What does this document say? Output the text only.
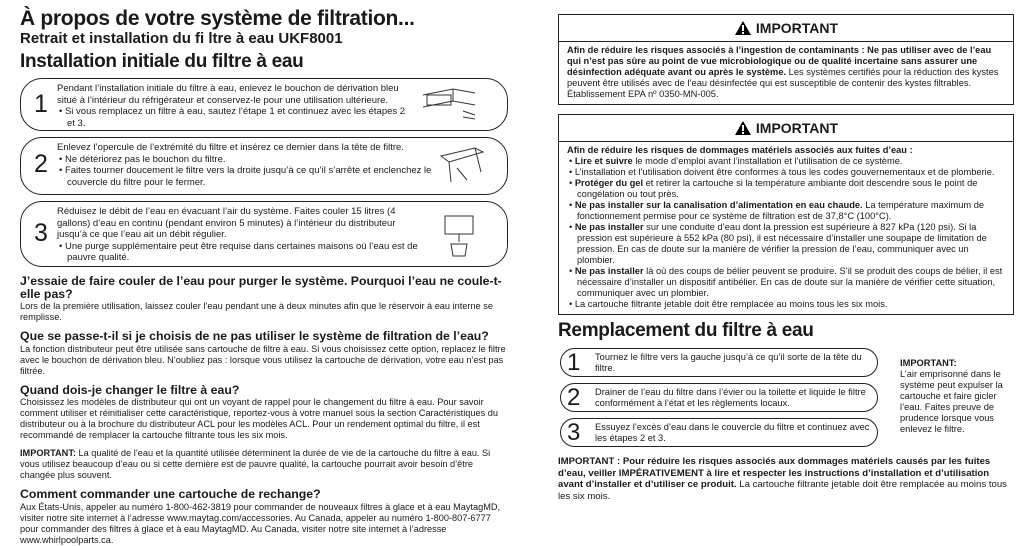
À propos de votre système de filtration...
Retrait et installation du fi ltre à eau UKF8001
Installation initiale du filtre à eau
1

Pendant l’installation initiale du filtre à eau, enlevez le bouchon de dérivation bleu situé à l’intérieur du réfrigérateur et conservez-le pour une utilisation ultérieure.

• Si vous remplacez un filtre à eau, sautez l’étape 1 et continuez avec les étapes 2 et 3.

2

Enlevez l’opercule de l’extrémité du filtre et insérez ce dernier dans la tête de filtre.

• Ne détériorez pas le bouchon du filtre.

• Faites tourner doucement le filtre vers la droite jusqu’à ce qu’il s’arrête et enclenchez le couvercle du filtre pour le fermer.

3

Réduisez le débit de l’eau en évacuant l’air du système. Faites couler 15 litres (4 gallons) d’eau en continu (pendant environ 5 minutes) à l’intérieur du distributeur jusqu’à ce que l’eau ait un débit régulier.

• Une purge supplémentaire peut être requise dans certaines maisons où l’eau est de pauvre qualité.

J’essaie de faire couler de l’eau pour purger le système. Pourquoi l’eau ne coule-t-elle pas?

Lors de la première utilisation, laissez couler l’eau pendant une à deux minutes afin que le réservoir à eau interne se remplisse.

Que se passe-t-il si je choisis de ne pas utiliser le système de filtration de l’eau?

La fonction distributeur peut être utilisée sans cartouche de filtre à eau. Si vous choisissez cette option, replacez le filtre avec le bouchon de dérivation bleu. N’oubliez pas : lorsque vous utilisez la cartouche de dérivation, votre eau n’est pas filtrée.

Quand dois-je changer le filtre à eau?

Choisissez les modèles de distributeur qui ont un voyant de rappel pour le changement du filtre à eau. Pour savoir comment utiliser et réinitialiser cette caractéristique, reportez-vous à votre manuel sous la section Caractéristiques du distributeur ou à la brochure du distributeur ACL pour les modèles ACL. Pour un rendement optimal du filtre, il est recommandé de remplacer la cartouche filtrante tous les six mois.

IMPORTANT: La qualité de l’eau et la quantité utilisée déterminent la durée de vie de la cartouche du filtre à eau. Si vous utilisez beaucoup d’eau ou si cette dernière est de pauvre qualité, la cartouche pourrait avoir besoin d’être changée plus souvent.

Comment commander une cartouche de rechange?

Aux États-Unis, appeler au numéro 1-800-462-3819 pour commander de nouveaux filtres à glace et à eau MaytagMD, visiter notre site internet à l’adresse www.maytag.com/accessories. Au Canada, appeler au numéro 1-800-807-6777 pour commander des filtres à glace et à eau MaytagMD. Au Canada, visiter notre site internet à l’adresse www.whirlpoolparts.ca.

IMPORTANT

Afin de réduire les risques associés à l’ingestion de contaminants : Ne pas utiliser avec de l’eau qui n’est pas sûre au point de vue microbiologique ou de qualité incertaine sans assurer une désinfection adéquate avant ou après le système. Les systèmes certifiés pour la réduction des kystes peuvent être utilisés avec de l’eau désinfectée qui est susceptible de contenir des kystes filtrables. Établissement EPA nº 0350-MN-005.

IMPORTANT

Afin de réduire les risques de dommages matériels associés aux fuites d’eau :

• Lire et suivre le mode d’emploi avant l’installation et l’utilisation de ce système.

• L’installation et l’utilisation doivent être conformes à tous les codes gouvernementaux et de plomberie.

• Protéger du gel et retirer la cartouche si la température ambiante doit descendre sous le point de congélation ou tout près.

• Ne pas installer sur la canalisation d’alimentation en eau chaude. La température maximum de fonctionnement permise pour ce système de filtration est de 37,8°C (100°C).

• Ne pas installer sur une conduite d’eau dont la pression est supérieure à 827 kPa (120 psi). Si la pression est supérieure à 552 kPa (80 psi), il est nécessaire d’installer une soupape de limitation de pression. En cas de doute sur la manière de vérifier la pression de l’eau, communiquer avec un plombier.

• Ne pas installer là où des coups de bélier peuvent se produire. S’il se produit des coups de bélier, il est nécessaire d’installer un dispositif antibélier. En cas de doute sur la manière de vérifier cette situation, communiquer avec un plombier.

• La cartouche filtrante jetable doit être remplacée au moins tous les six mois.

Remplacement du filtre à eau
1 Tournez le filtre vers la gauche jusqu’à ce qu’il sorte de la tête du filtre.
2 Drainer de l’eau du filtre dans l’évier ou la toilette et liquide le filtre conformément à l’état et les règlements locaux.
3 Essuyez l’excès d’eau dans le couvercle du filtre et continuez avec les étapes 2 et 3.
IMPORTANT:
L’air emprisonné dans le système peut expulser la cartouche et faire gicler l’eau. Faites preuve de prudence lorsque vous enlevez le filtre.

IMPORTANT : Pour réduire les risques associés aux dommages matériels causés par les fuites d’eau, veiller IMPÉRATIVEMENT à lire et respecter les instructions d’installation et d’utilisation avant d’installer et d’utiliser ce produit. La cartouche filtrante jetable doit être remplacée au moins tous les six mois.
